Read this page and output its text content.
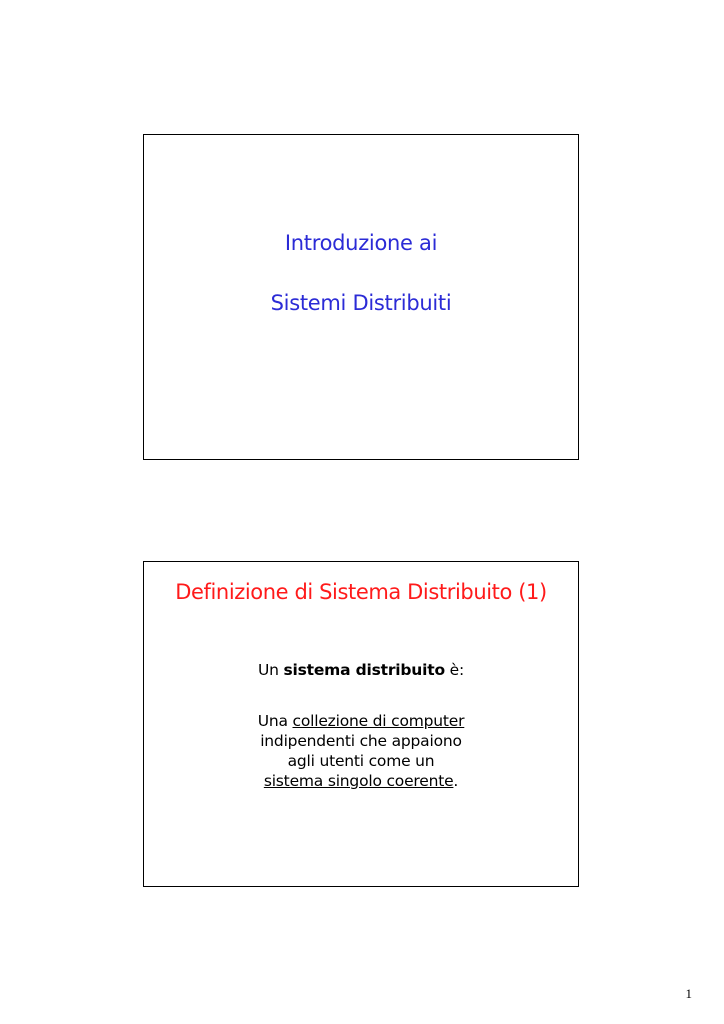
Introduzione ai
Sistemi Distribuiti
Definizione di Sistema Distribuito (1)
Un sistema distribuito è:
Una collezione di computer
indipendenti che appaiono
agli utenti come un
sistema singolo coerente.
1
